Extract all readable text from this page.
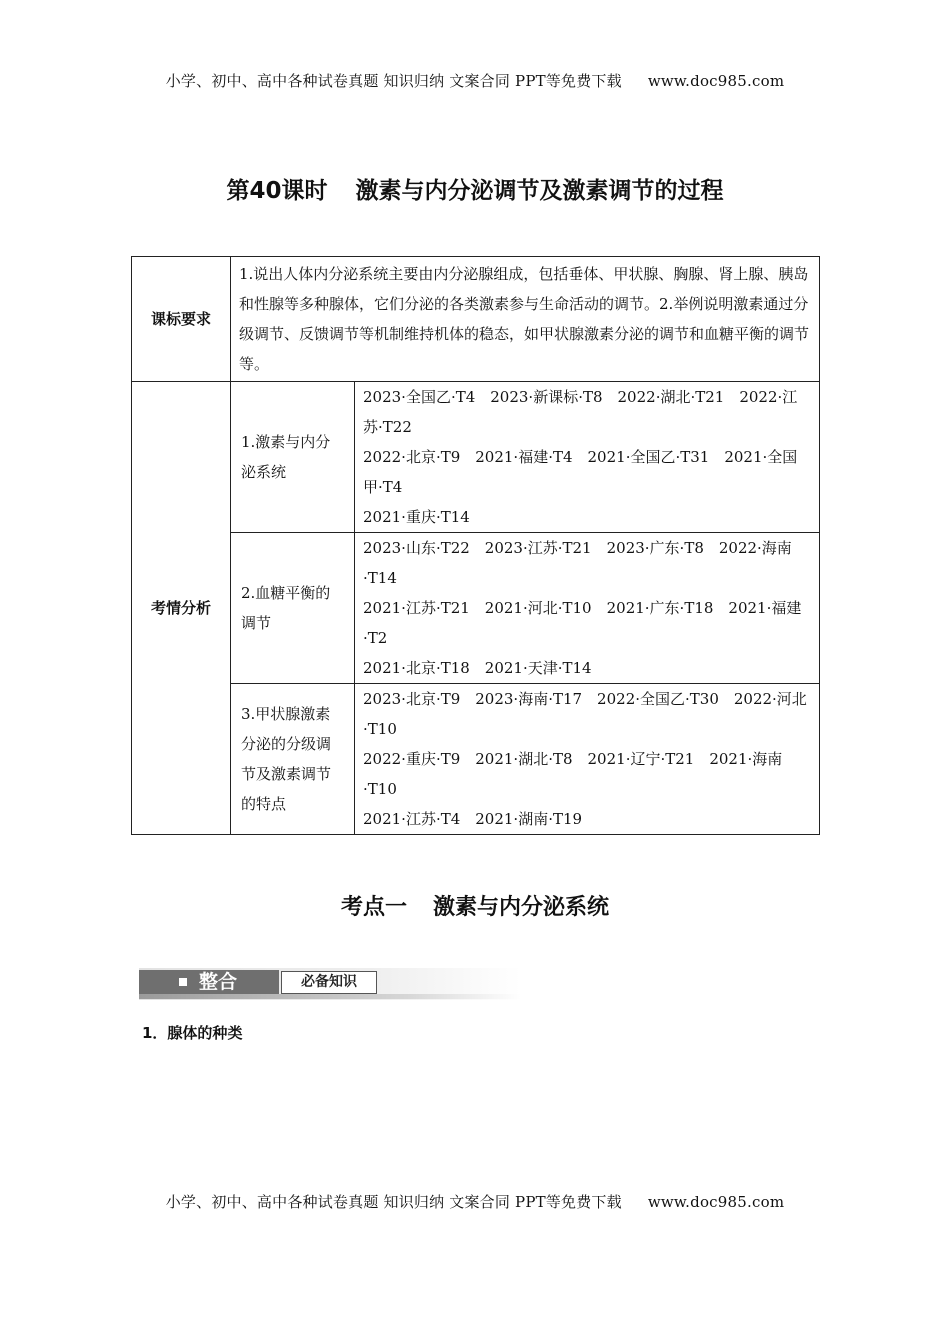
小学、初中、高中各种试卷真题 知识归纳 文案合同 PPT等免费下载 www.doc985.com
第40课时 激素与内分泌调节及激素调节的过程
课标要求	1.说出人体内分泌系统主要由内分泌腺组成，包括垂体、甲状腺、胸腺、肾上腺、胰岛和性腺等多种腺体，它们分泌的各类激素参与生命活动的调节。2.举例说明激素通过分级调节、反馈调节等机制维持机体的稳态，如甲状腺激素分泌的调节和血糖平衡的调节等。	
考情分析	1.激素与内分泌系统	2023·全国乙·T4　2023·新课标·T8　2022·湖北·T21　2022·江苏·T22
2022·北京·T9　2021·福建·T4　2021·全国乙·T31　2021·全国甲·T4
2021·重庆·T14

	2.血糖平衡的调节	2023·山东·T22　2023·江苏·T21　2023·广东·T8　2022·海南·T14
2021·江苏·T21　2021·河北·T10　2021·广东·T18　2021·福建·T2
2021·北京·T18　2021·天津·T14

	3.甲状腺激素分泌的分级调节及激素调节的特点	2023·北京·T9　2023·海南·T17　2022·全国乙·T30　2022·河北·T10
2022·重庆·T9　2021·湖北·T8　2021·辽宁·T21　2021·海南·T10
2021·江苏·T4　2021·湖南·T19
考点一 激素与内分泌系统
整合	必备知识
1．腺体的种类
小学、初中、高中各种试卷真题 知识归纳 文案合同 PPT等免费下载 www.doc985.com
